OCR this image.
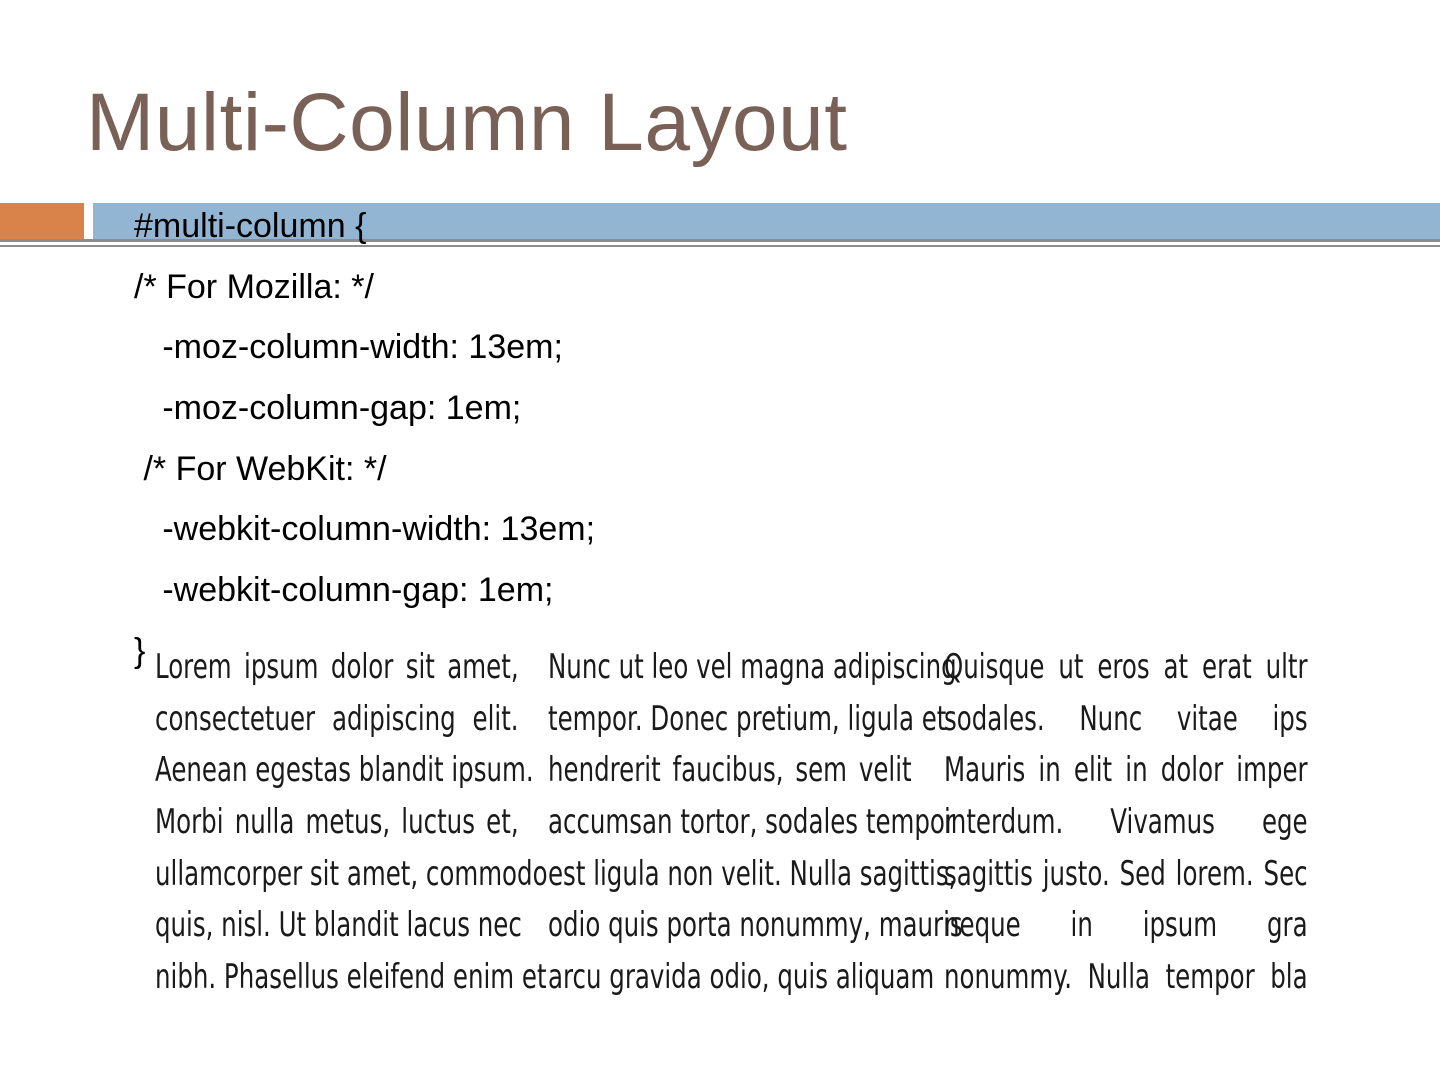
Multi-Column Layout
#multi-column {
/* For Mozilla: */
-moz-column-width: 13em;
-moz-column-gap: 1em;
/* For WebKit: */
-webkit-column-width: 13em;
-webkit-column-gap: 1em;
} Lorem ipsum dolor sit amet,
consectetuer adipiscing elit.
Aenean egestas blandit ipsum.
Morbi nulla metus, luctus et,
ullamcorper sit amet, commodo
quis, nisl. Ut blandit lacus nec
nibh. Phasellus eleifend enim et
Nunc ut leo vel magna adipiscing
tempor. Donec pretium, ligula et
hendrerit faucibus, sem velit
accumsan tortor, sodales tempor
est ligula non velit. Nulla sagittis,
odio quis porta nonummy, mauris
arcu gravida odio, quis aliquam
Quisque ut eros at erat ultr
sodales. Nunc vitae ips
Mauris in elit in dolor imper
interdum. Vivamus ege
sagittis justo. Sed lorem. Sec
neque in ipsum gra
nonummy. Nulla tempor bla
